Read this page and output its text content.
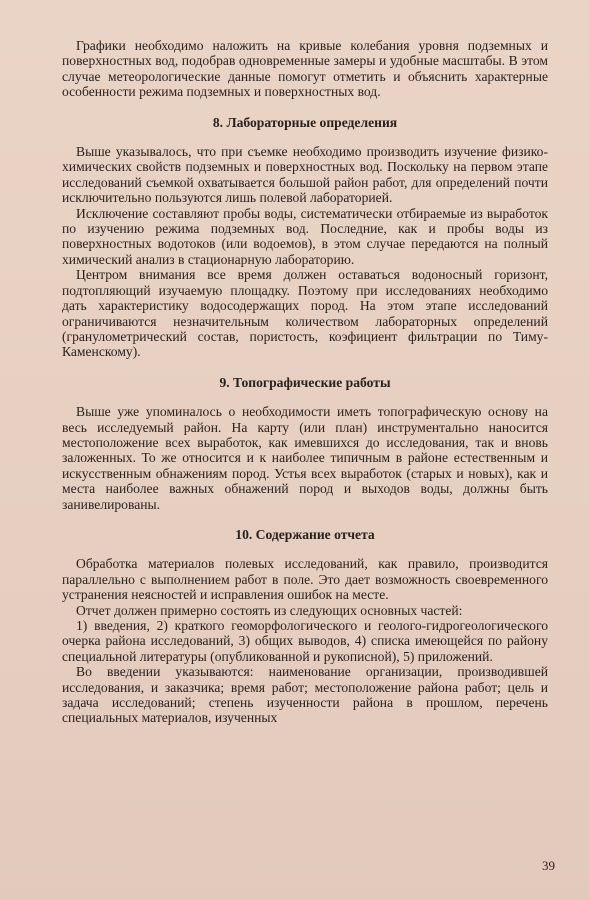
Графики необходимо наложить на кривые колебания уровня подземных и поверхностных вод, подобрав одновременные замеры и удобные масштабы. В этом случае метеорологические данные помогут отметить и объяснить характерные особенности режима подземных и поверхностных вод.

8. Лабораторные определения

Выше указывалось, что при съемке необходимо производить изучение физико-химических свойств подземных и поверхностных вод. Поскольку на первом этапе исследований съемкой охватывается большой район работ, для определений почти исключительно пользуются лишь полевой лабораторией.

Исключение составляют пробы воды, систематически отбираемые из выработок по изучению режима подземных вод. Последние, как и пробы воды из поверхностных водотоков (или водоемов), в этом случае передаются на полный химический анализ в стационарную лабораторию.

Центром внимания все время должен оставаться водоносный горизонт, подтопляющий изучаемую площадку. Поэтому при исследованиях необходимо дать характеристику водосодержащих пород. На этом этапе исследований ограничиваются незначительным количеством лабораторных определений (гранулометрический состав, пористость, коэфициент фильтрации по Тиму-Каменскому).

9. Топографические работы

Выше уже упоминалось о необходимости иметь топографическую основу на весь исследуемый район. На карту (или план) инструментально наносится местоположение всех выработок, как имевшихся до исследования, так и вновь заложенных. То же относится и к наиболее типичным в районе естественным и искусственным обнажениям пород. Устья всех выработок (старых и новых), как и места наиболее важных обнажений пород и выходов воды, должны быть занивелированы.

10. Содержание отчета

Обработка материалов полевых исследований, как правило, производится параллельно с выполнением работ в поле. Это дает возможность своевременного устранения неясностей и исправления ошибок на месте.

Отчет должен примерно состоять из следующих основных частей:

1) введения, 2) краткого геоморфологического и геолого-гидрогеологического очерка района исследований, 3) общих выводов, 4) списка имеющейся по району специальной литературы (опубликованной и рукописной), 5) приложений.

Во введении указываются: наименование организации, производившей исследования, и заказчика; время работ; местоположение района работ; цель и задача исследований; степень изученности района в прошлом, перечень специальных материалов, изученных

39
